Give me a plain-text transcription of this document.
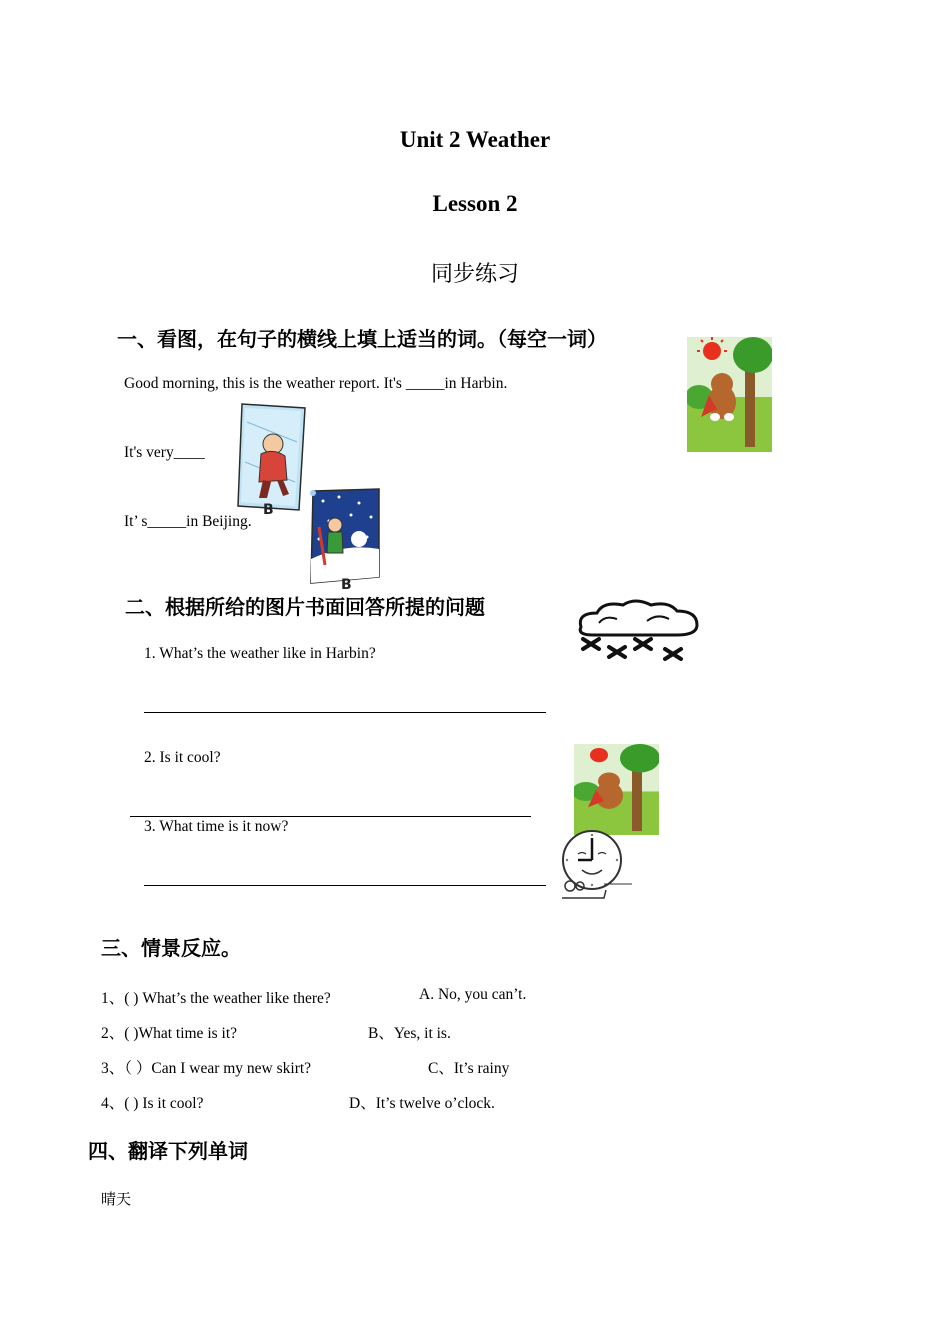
Unit 2 Weather
Lesson 2
同步练习
一、看图，在句子的横线上填上适当的词。（每空一词）
Good morning, this is the weather report. It's _____in Harbin.
It's very____
It’ s_____in Beijing.
B
B
二、根据所给的图片书面回答所提的问题
1. What’s the weather like in Harbin?
2. Is it cool?
3. What time is it now?
三、情景反应。
1、( ) What’s the weather like there?	A. No, you can’t.
2、( )What time is it?	B、Yes, it is.
3、（ ）Can I wear my new skirt?	C、It’s rainy
4、( ) Is it cool?	D、It’s twelve o’clock.
四、翻译下列单词
晴天
